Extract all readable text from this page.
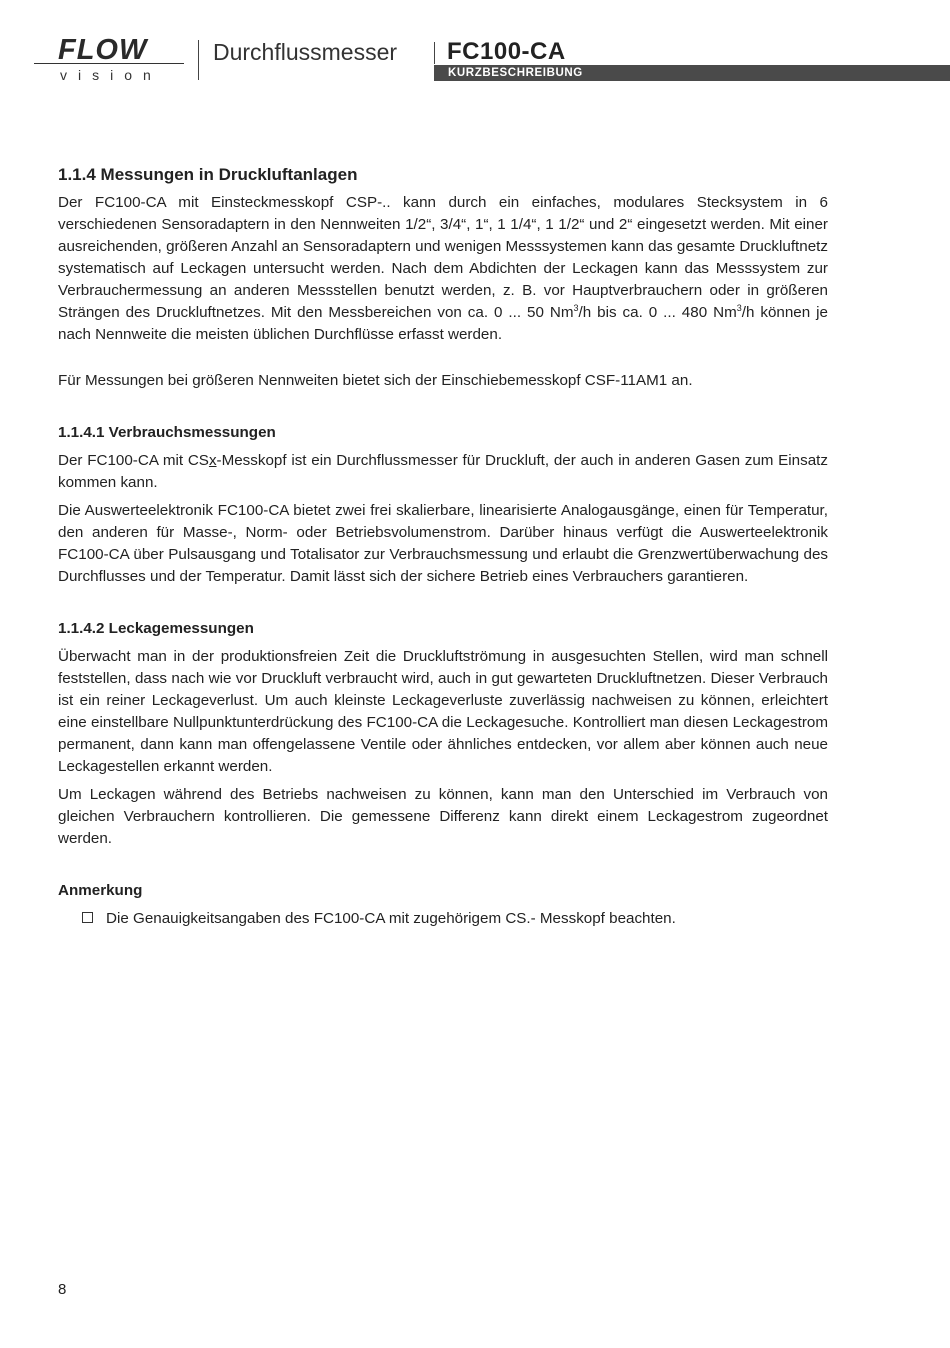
FLOW
vision
Durchflussmesser FC100-CA
KURZBESCHREIBUNG
1.1.4 Messungen in Druckluftanlagen

Der FC100-CA mit Einsteckmesskopf CSP-.. kann durch ein einfaches, modulares Stecksystem in 6 verschiedenen Sensoradaptern in den Nennweiten 1/2“, 3/4“, 1“, 1 1/4“, 1 1/2“ und 2“ eingesetzt werden. Mit einer ausreichenden, größeren Anzahl an Sensoradaptern und wenigen Messsystemen kann das gesamte Druckluftnetz systematisch auf Leckagen untersucht werden. Nach dem Abdichten der Leckagen kann das Messsystem zur Verbrauchermessung an anderen Messstellen benutzt werden, z. B. vor Hauptverbrauchern oder in größeren Strängen des Druckluftnetzes. Mit den Messbereichen von ca. 0 ... 50 Nm$^3$/h bis ca. 0 ... 480 Nm$^3$/h können je nach Nennweite die meisten üblichen Durchflüsse erfasst werden.

Für Messungen bei größeren Nennweiten bietet sich der Einschiebemesskopf CSF-11AM1 an.

1.1.4.1 Verbrauchsmessungen

Der FC100-CA mit CSx-Messkopf ist ein Durchflussmesser für Druckluft, der auch in anderen Gasen zum Einsatz kommen kann.

Die Auswerteelektronik FC100-CA bietet zwei frei skalierbare, linearisierte Analogausgänge, einen für Temperatur, den anderen für Masse-, Norm- oder Betriebsvolumenstrom. Darüber hinaus verfügt die Auswerteelektronik FC100-CA über Pulsausgang und Totalisator zur Verbrauchsmessung und erlaubt die Grenzwertüberwachung des Durchflusses und der Temperatur. Damit lässt sich der sichere Betrieb eines Verbrauchers garantieren.

1.1.4.2 Leckagemessungen

Überwacht man in der produktionsfreien Zeit die Druckluftströmung in ausgesuchten Stellen, wird man schnell feststellen, dass nach wie vor Druckluft verbraucht wird, auch in gut gewarteten Druckluftnetzen. Dieser Verbrauch ist ein reiner Leckageverlust. Um auch kleinste Leckageverluste zuverlässig nachweisen zu können, erleichtert eine einstellbare Nullpunktunterdrückung des FC100-CA die Leckagesuche. Kontrolliert man diesen Leckagestrom permanent, dann kann man offengelassene Ventile oder ähnliches entdecken, vor allem aber können auch neue Leckagestellen erkannt werden.

Um Leckagen während des Betriebs nachweisen zu können, kann man den Unterschied im Verbrauch von gleichen Verbrauchern kontrollieren. Die gemessene Differenz kann direkt einem Leckagestrom zugeordnet werden.

Anmerkung
Die Genauigkeitsangaben des FC100-CA mit zugehörigem CS.- Messkopf beachten.
8
